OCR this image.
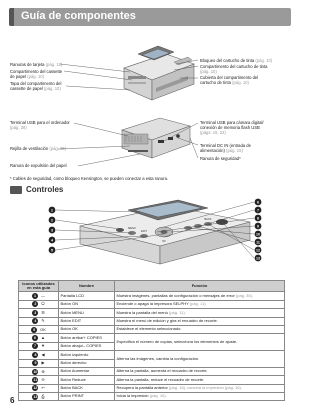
Guía de componentes
Ranuras de tarjeta (pág. 12)
Compartimento del cassette
de papel (pág. 10)
Tapa del compartimento del
cassette de papel (pág. 10)
Terminal USB para el ordenador
(pág. 28)
Rejilla de ventilación (pág. 35)
Ranura de expulsión del papel
Bloqueo del cartucho de tinta (pág. 10)
Compartimento del cartucho de tinta
(pág. 10)
Cubierta del compartimento del
cartucho de tinta (pág. 10)
Terminal USB para cámara digital/
conexión de memoria flash USB
(págs. 15, 22)
Terminal DC IN (entrada de
alimentación) (pág. 15)
Ranura de seguridad*
* Cables de seguridad, como bloqueo Kensington, se pueden conectar a esta ranura.
Controles
1
2
3
4
5
6
7
8
9
10
11
12
13
MENU
EDIT
OK
BACK
Iconos utilizados en esta guía	Nombre	Función
1 —	Pantalla LCD	Muestra imágenes, pantallas de configuración o mensajes de error (pág. 35).
2 ⏻	Botón ON	Enciende o apaga la impresora SELPHY (pág. 11).
3 ☰	Botón MENU	Muestra la pantalla del menú (pág. 11).
4 ✎	Botón EDIT	Muestra el menú de edición y gira el recuadro de recorte.
5 OK	Botón OK	Establece el elemento seleccionado.
6 ▲	Botón arriba/+ COPIES	Especifica el número de copias, selecciona los elementos de ajuste.
7 ▼	Botón abajo/– COPIES	
8 ◀	Botón izquierdo	Alterna las imágenes, cambia la configuración.
9 ▶	Botón derecho	
10 ⊕	Botón Aumentar	Alterna la pantalla, aumenta el recuadro de recorte.
11 ⊖	Botón Reducir	Alterna la pantalla, reduce el recuadro de recorte.
12 ↩	Botón BACK	Recupera la pantalla anterior (pág. 16), cancela la impresión (pág. 16).
13 ⎙	Botón PRINT	Inicia la impresión (pág. 16).
6
